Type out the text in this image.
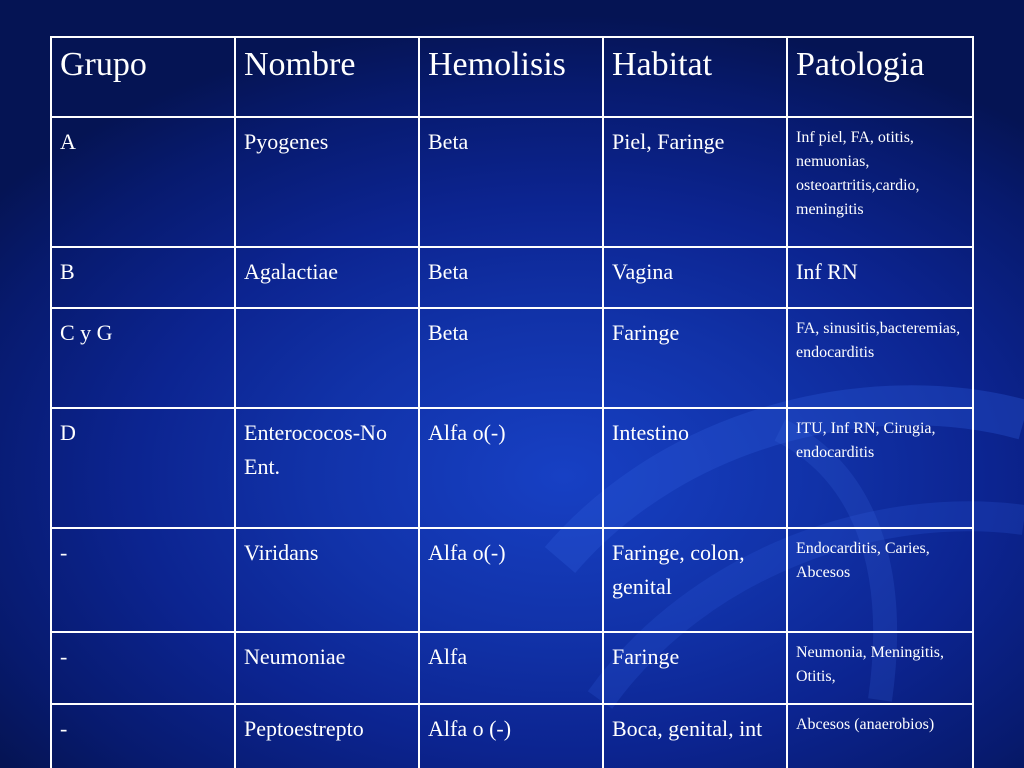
Grupo	Nombre	Hemolisis	Habitat	Patologia
A	Pyogenes	Beta	Piel, Faringe	Inf piel, FA, otitis, nemuonias, osteoartritis,cardio, meningitis
B	Agalactiae	Beta	Vagina	Inf RN
C y G		Beta	Faringe	FA, sinusitis,bacteremias, endocarditis
D	Enterococos-No Ent.	Alfa o(-)	Intestino	ITU, Inf RN, Cirugia, endocarditis
-	Viridans	Alfa o(-)	Faringe, colon, genital	Endocarditis, Caries, Abcesos
-	Neumoniae	Alfa	Faringe	Neumonia, Meningitis, Otitis,
-	Peptoestrepto	Alfa o (-)	Boca, genital, int	Abcesos (anaerobios)
